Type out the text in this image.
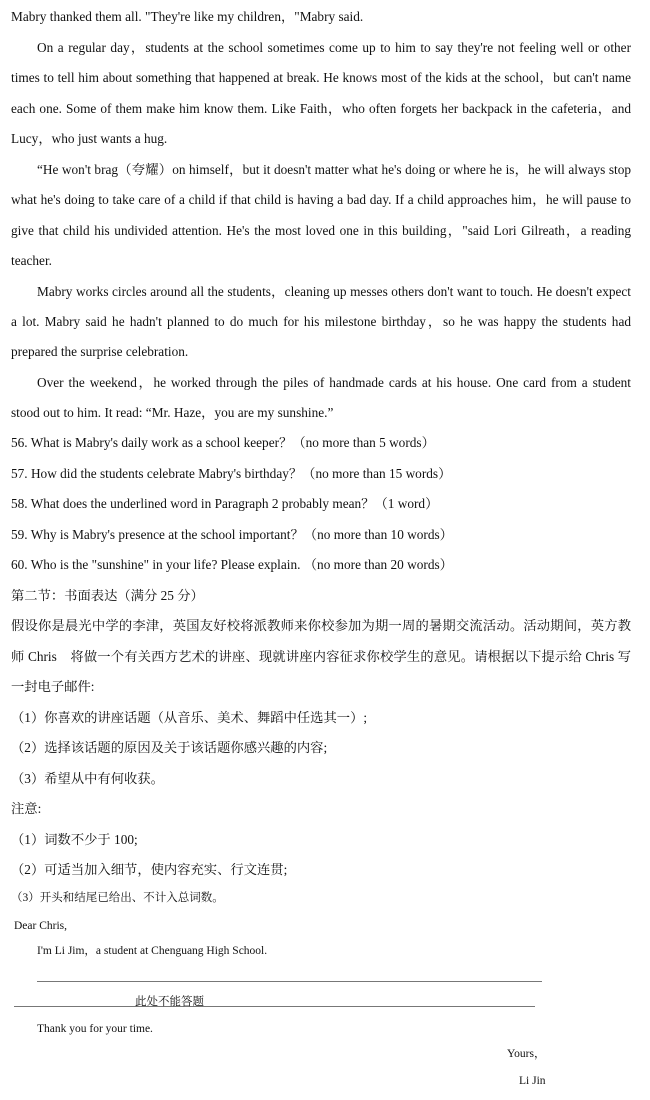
Mabry thanked them all. "They're like my children，"Mabry said.
On a regular day，students at the school sometimes come up to him to say they're not feeling well or other
times to tell him about something that happened at break. He knows most of the kids at the school，but can't name
each one. Some of them make him know them. Like Faith，who often forgets her backpack in the cafeteria，and
Lucy，who just wants a hug.
“He won't brag（夸耀）on himself，but it doesn't matter what he's doing or where he is，he will always stop
what he's doing to take care of a child if that child is having a bad day. If a child approaches him，he will pause to
give that child his undivided attention. He's the most loved one in this building，"said Lori Gilreath，a reading
teacher.
Mabry works circles around all the students，cleaning up messes others don't want to touch. He doesn't expect
a lot. Mabry said he hadn't planned to do much for his milestone birthday，so he was happy the students had
prepared the surprise celebration.
Over the weekend，he worked through the piles of handmade cards at his house. One card from a student
stood out to him. It read: “Mr. Haze，you are my sunshine.”
56. What is Mabry's daily work as a school keeper？（no more than 5 words）
57. How did the students celebrate Mabry's birthday？（no more than 15 words）
58. What does the underlined word in Paragraph 2 probably mean？（1 word）
59. Why is Mabry's presence at the school important？（no more than 10 words）
60. Who is the "sunshine" in your life? Please explain. （no more than 20 words）
第二节：书面表达（满分 25 分）
假设你是晨光中学的李津，英国友好校将派教师来你校参加为期一周的暑期交流活动。活动期间，英方教
师 Chris　将做一个有关西方艺术的讲座、现就讲座内容征求你校学生的意见。请根据以下提示给 Chris 写
一封电子邮件:
（1）你喜欢的讲座话题（从音乐、美术、舞蹈中任选其一）;
（2）选择该话题的原因及关于该话题你感兴趣的内容;
（3）希望从中有何收获。
注意:
（1）词数不少于 100;
（2）可适当加入细节，使内容充实、行文连贯;
（3）开头和结尾已给出、不计入总词数。
Dear Chris,
I'm Li Jim，a student at Chenguang High School.
此处不能答题
Thank you for your time.
Yours，
Li Jin
